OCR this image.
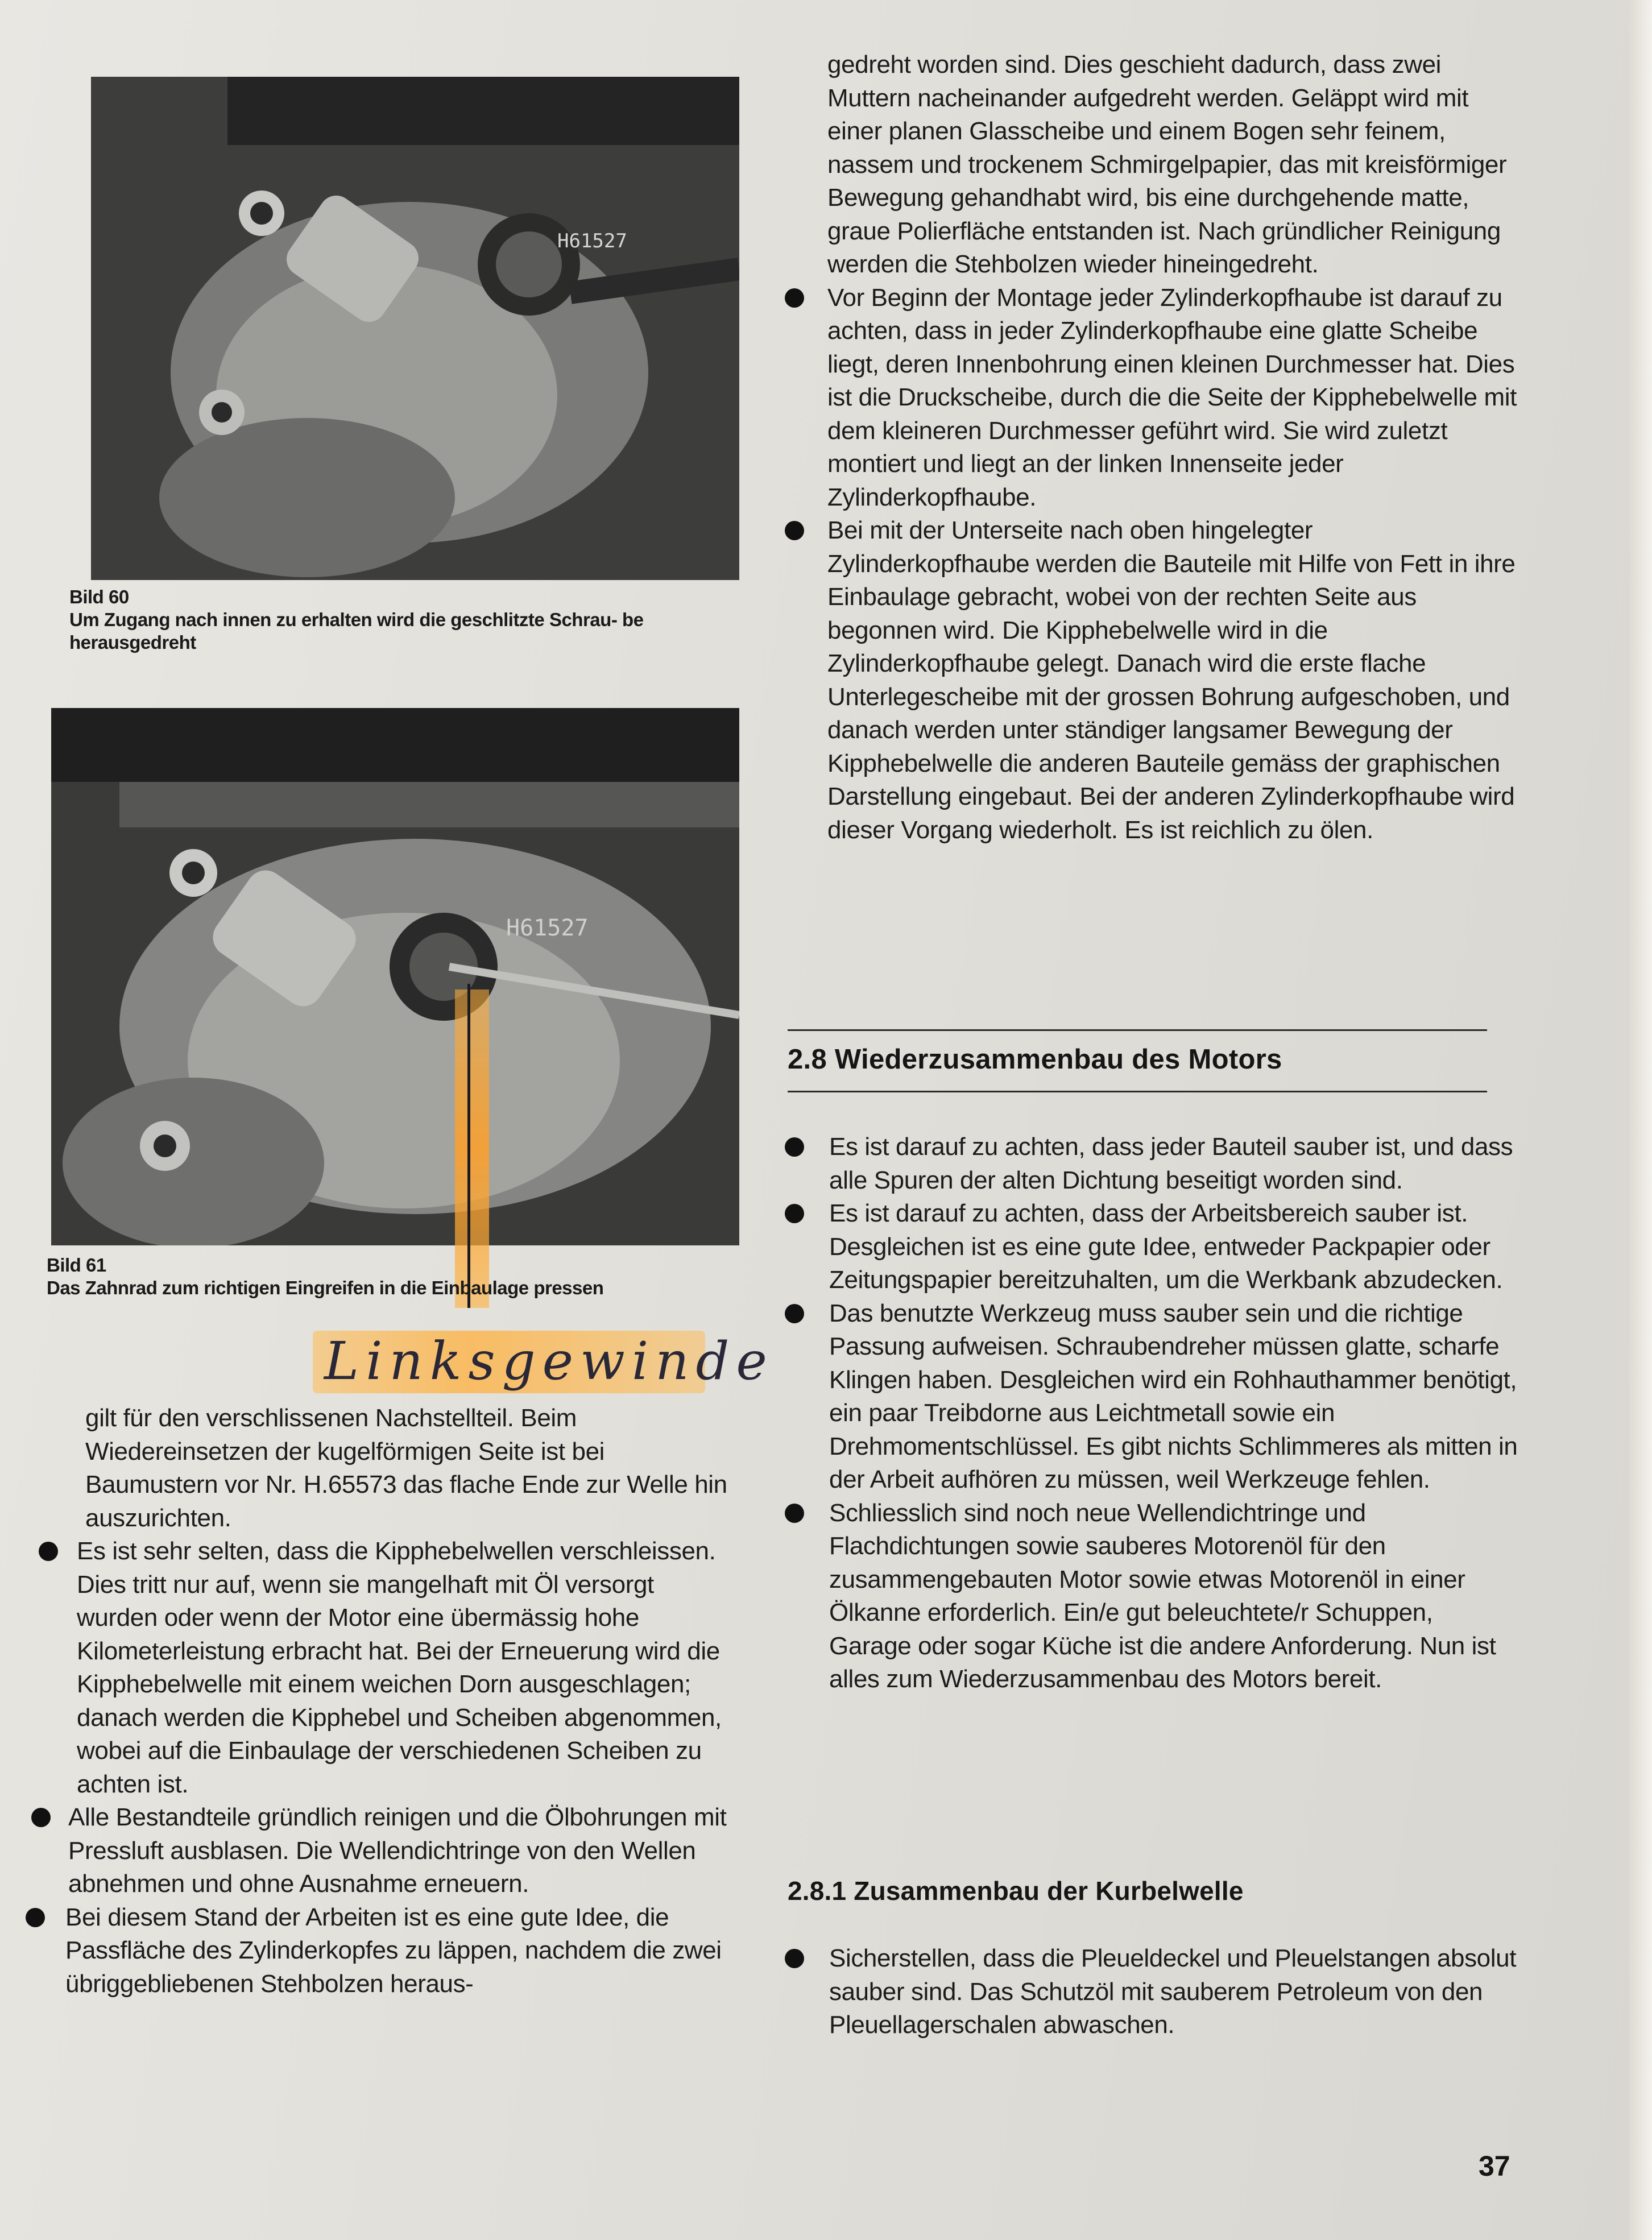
H61527
Bild 60
Um Zugang nach innen zu erhalten wird die geschlitzte Schrau- be herausgedreht
H61527
Bild 61
Das Zahnrad zum richtigen Eingreifen in die Einbaulage pressen
Linksgewinde

gilt für den verschlissenen Nachstellteil. Beim Wiedereinsetzen der kugelförmigen Seite ist bei Baumustern vor Nr. H.65573 das flache Ende zur Welle hin auszurichten.

Es ist sehr selten, dass die Kipphebelwellen verschleissen. Dies tritt nur auf, wenn sie mangelhaft mit Öl versorgt wurden oder wenn der Motor eine übermässig hohe Kilometerleistung erbracht hat. Bei der Erneuerung wird die Kipphebelwelle mit einem weichen Dorn ausgeschlagen; danach werden die Kipphebel und Scheiben abgenommen, wobei auf die Einbaulage der verschiedenen Scheiben zu achten ist.

Alle Bestandteile gründlich reinigen und die Ölbohrungen mit Pressluft ausblasen. Die Wellendichtringe von den Wellen abnehmen und ohne Ausnahme erneuern.

Bei diesem Stand der Arbeiten ist es eine gute Idee, die Passfläche des Zylinderkopfes zu läppen, nachdem die zwei übriggebliebenen Stehbolzen heraus-

gedreht worden sind. Dies geschieht dadurch, dass zwei Muttern nacheinander aufgedreht werden. Geläppt wird mit einer planen Glasscheibe und einem Bogen sehr feinem, nassem und trockenem Schmirgelpapier, das mit kreisförmiger Bewegung gehandhabt wird, bis eine durchgehende matte, graue Polierfläche entstanden ist. Nach gründlicher Reinigung werden die Stehbolzen wieder hineingedreht.

Vor Beginn der Montage jeder Zylinderkopfhaube ist darauf zu achten, dass in jeder Zylinderkopfhaube eine glatte Scheibe liegt, deren Innenbohrung einen kleinen Durchmesser hat. Dies ist die Druckscheibe, durch die die Seite der Kipphebelwelle mit dem kleineren Durchmesser geführt wird. Sie wird zuletzt montiert und liegt an der linken Innenseite jeder Zylinderkopfhaube.

Bei mit der Unterseite nach oben hingelegter Zylinderkopfhaube werden die Bauteile mit Hilfe von Fett in ihre Einbaulage gebracht, wobei von der rechten Seite aus begonnen wird. Die Kipphebelwelle wird in die Zylinderkopfhaube gelegt. Danach wird die erste flache Unterlegescheibe mit der grossen Bohrung aufgeschoben, und danach werden unter ständiger langsamer Bewegung der Kipphebelwelle die anderen Bauteile gemäss der graphischen Darstellung eingebaut. Bei der anderen Zylinderkopfhaube wird dieser Vorgang wiederholt. Es ist reichlich zu ölen.

2.8 Wiederzusammenbau des Motors

Es ist darauf zu achten, dass jeder Bauteil sauber ist, und dass alle Spuren der alten Dichtung beseitigt worden sind.

Es ist darauf zu achten, dass der Arbeitsbereich sauber ist. Desgleichen ist es eine gute Idee, entweder Packpapier oder Zeitungspapier bereitzuhalten, um die Werkbank abzudecken.

Das benutzte Werkzeug muss sauber sein und die richtige Passung aufweisen. Schraubendreher müssen glatte, scharfe Klingen haben. Desgleichen wird ein Rohhauthammer benötigt, ein paar Treibdorne aus Leichtmetall sowie ein Drehmomentschlüssel. Es gibt nichts Schlimmeres als mitten in der Arbeit aufhören zu müssen, weil Werkzeuge fehlen.

Schliesslich sind noch neue Wellendichtringe und Flachdichtungen sowie sauberes Motorenöl für den zusammengebauten Motor sowie etwas Motorenöl in einer Ölkanne erforderlich. Ein/e gut beleuchtete/r Schuppen, Garage oder sogar Küche ist die andere Anforderung. Nun ist alles zum Wiederzusammenbau des Motors bereit.

2.8.1 Zusammenbau der Kurbelwelle

Sicherstellen, dass die Pleueldeckel und Pleuelstangen absolut sauber sind. Das Schutzöl mit sauberem Petroleum von den Pleuellagerschalen abwaschen.

37
